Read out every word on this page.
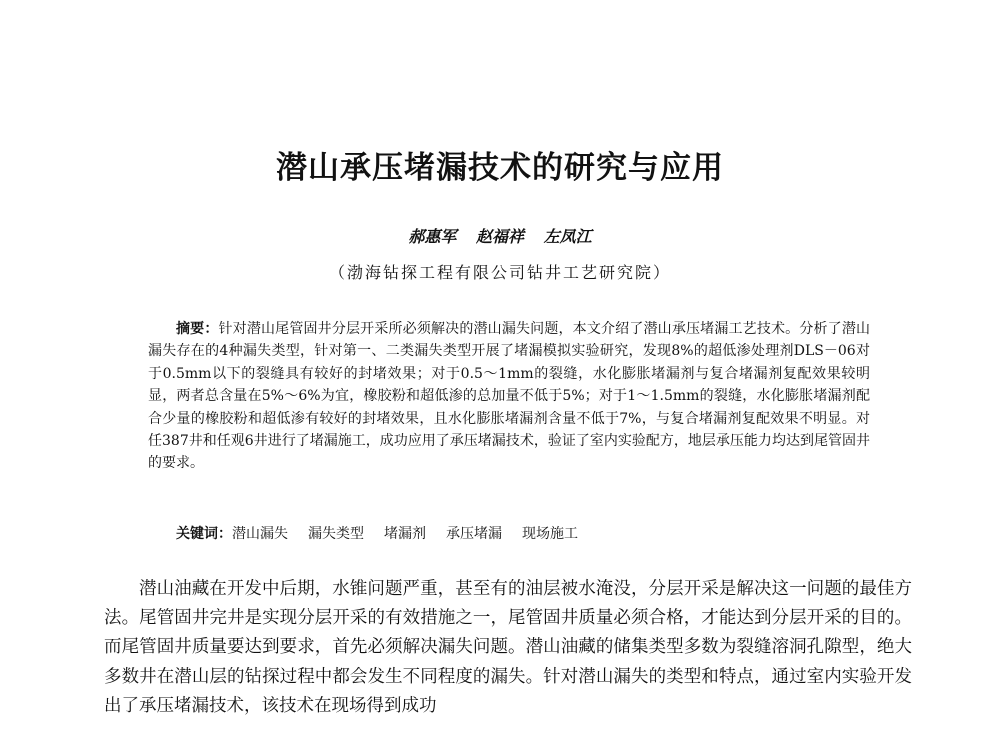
潜山承压堵漏技术的研究与应用
郝惠军 赵福祥 左凤江
（渤海钻探工程有限公司钻井工艺研究院）

摘要：针对潜山尾管固井分层开采所必须解决的潜山漏失问题，本文介绍了潜山承压堵漏工艺技术。分析了潜山漏失存在的4种漏失类型，针对第一、二类漏失类型开展了堵漏模拟实验研究，发现8%的超低渗处理剂DLS－06对于0.5mm以下的裂缝具有较好的封堵效果；对于0.5～1mm的裂缝，水化膨胀堵漏剂与复合堵漏剂复配效果较明显，两者总含量在5%～6%为宜，橡胶粉和超低渗的总加量不低于5%；对于1～1.5mm的裂缝，水化膨胀堵漏剂配合少量的橡胶粉和超低渗有较好的封堵效果，且水化膨胀堵漏剂含量不低于7%，与复合堵漏剂复配效果不明显。对任387井和任观6井进行了堵漏施工，成功应用了承压堵漏技术，验证了室内实验配方，地层承压能力均达到尾管固井的要求。

关键词：潜山漏失 漏失类型 堵漏剂 承压堵漏 现场施工

潜山油藏在开发中后期，水锥问题严重，甚至有的油层被水淹没，分层开采是解决这一问题的最佳方法。尾管固井完井是实现分层开采的有效措施之一，尾管固井质量必须合格，才能达到分层开采的目的。而尾管固井质量要达到要求，首先必须解决漏失问题。潜山油藏的储集类型多数为裂缝溶洞孔隙型，绝大多数井在潜山层的钻探过程中都会发生不同程度的漏失。针对潜山漏失的类型和特点，通过室内实验开发出了承压堵漏技术，该技术在现场得到成功
